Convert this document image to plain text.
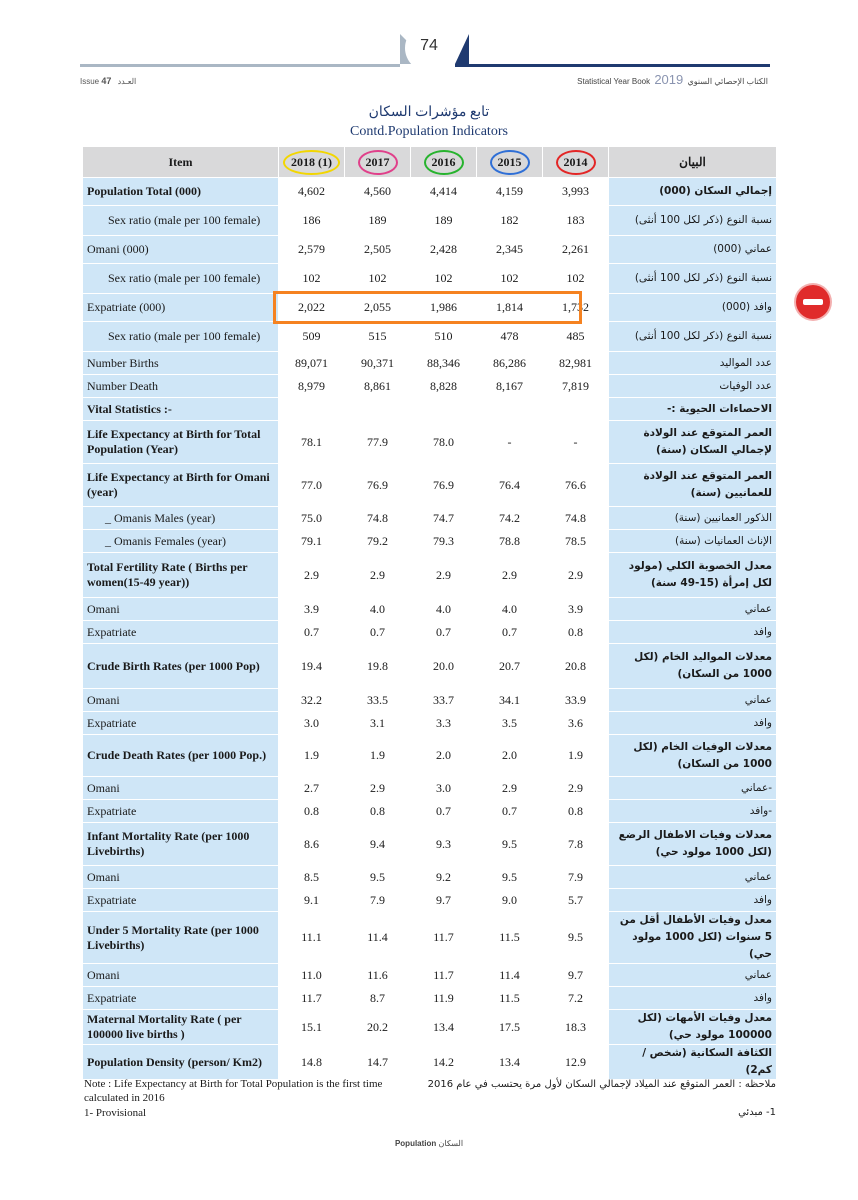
74
Issue 47 العـدد	Statistical Year Book 2019 الكتاب الإحصائي السنوي
تابع مؤشرات السكان
Contd.Population Indicators
Item	2018 (1)	2017	2016	2015	2014	البيان
Population Total (000)	4,602	4,560	4,414	4,159	3,993	إجمالي السكان (000)
Sex ratio (male per 100 female)	186	189	189	182	183	نسبة النوع (ذكر لكل 100 أنثى)
Omani (000)	2,579	2,505	2,428	2,345	2,261	عماني (000)
Sex ratio (male per 100 female)	102	102	102	102	102	نسبة النوع (ذكر لكل 100 أنثى)
Expatriate (000)	2,022	2,055	1,986	1,814	1,732	وافد (000)
Sex ratio (male per 100 female)	509	515	510	478	485	نسبة النوع (ذكر لكل 100 أنثى)
Number Births	89,071	90,371	88,346	86,286	82,981	عدد المواليد
Number Death	8,979	8,861	8,828	8,167	7,819	عدد الوفيات
Vital Statistics :-						الاحصاءات الحيوية :-
Life Expectancy at Birth for Total Population (Year)	78.1	77.9	78.0	-	-	العمر المتوقع عند الولادة لإجمالي السكان (سنة)
Life Expectancy at Birth for Omani (year)	77.0	76.9	76.9	76.4	76.6	العمر المتوقع عند الولادة للعمانيين (سنة)
_ Omanis Males (year)	75.0	74.8	74.7	74.2	74.8	الذكور العمانيين (سنة)
_ Omanis Females (year)	79.1	79.2	79.3	78.8	78.5	الإناث العمانيات (سنة)
Total Fertility Rate ( Births per women(15-49 year))	2.9	2.9	2.9	2.9	2.9	معدل الخصوبة الكلي (مولود لكل إمرأة (15-49 سنة)
Omani	3.9	4.0	4.0	4.0	3.9	عماني
Expatriate	0.7	0.7	0.7	0.7	0.8	وافد
Crude Birth Rates (per 1000 Pop)	19.4	19.8	20.0	20.7	20.8	معدلات المواليد الخام (لكل 1000 من السكان)
Omani	32.2	33.5	33.7	34.1	33.9	عماني
Expatriate	3.0	3.1	3.3	3.5	3.6	وافد
Crude Death Rates (per 1000 Pop.)	1.9	1.9	2.0	2.0	1.9	معدلات الوفيات الخام (لكل 1000 من السكان)
Omani	2.7	2.9	3.0	2.9	2.9	-عماني
Expatriate	0.8	0.8	0.7	0.7	0.8	-وافد
Infant Mortality Rate (per 1000 Livebirths)	8.6	9.4	9.3	9.5	7.8	معدلات وفيات الاطفال الرضع (لكل 1000 مولود حي)
Omani	8.5	9.5	9.2	9.5	7.9	عماني
Expatriate	9.1	7.9	9.7	9.0	5.7	وافد
Under 5 Mortality Rate (per 1000 Livebirths)	11.1	11.4	11.7	11.5	9.5	معدل وفيات الأطفال أقل من 5 سنوات (لكل 1000 مولود حي)
Omani	11.0	11.6	11.7	11.4	9.7	عماني
Expatriate	11.7	8.7	11.9	11.5	7.2	وافد
Maternal Mortality Rate ( per 100000 live births )	15.1	20.2	13.4	17.5	18.3	معدل وفيات الأمهات (لكل 100000 مولود حي)
Population Density (person/ Km2)	14.8	14.7	14.2	13.4	12.9	الكثافة السكانية (شخص / كم2)
Note : Life Expectancy at Birth for Total Population is the first time calculated in 2016
ملاحظه : العمر المتوقع عند الميلاد لإجمالي السكان لأول مرة يحتسب في عام 2016
1- Provisional	1- مبدئي
Population السكان
